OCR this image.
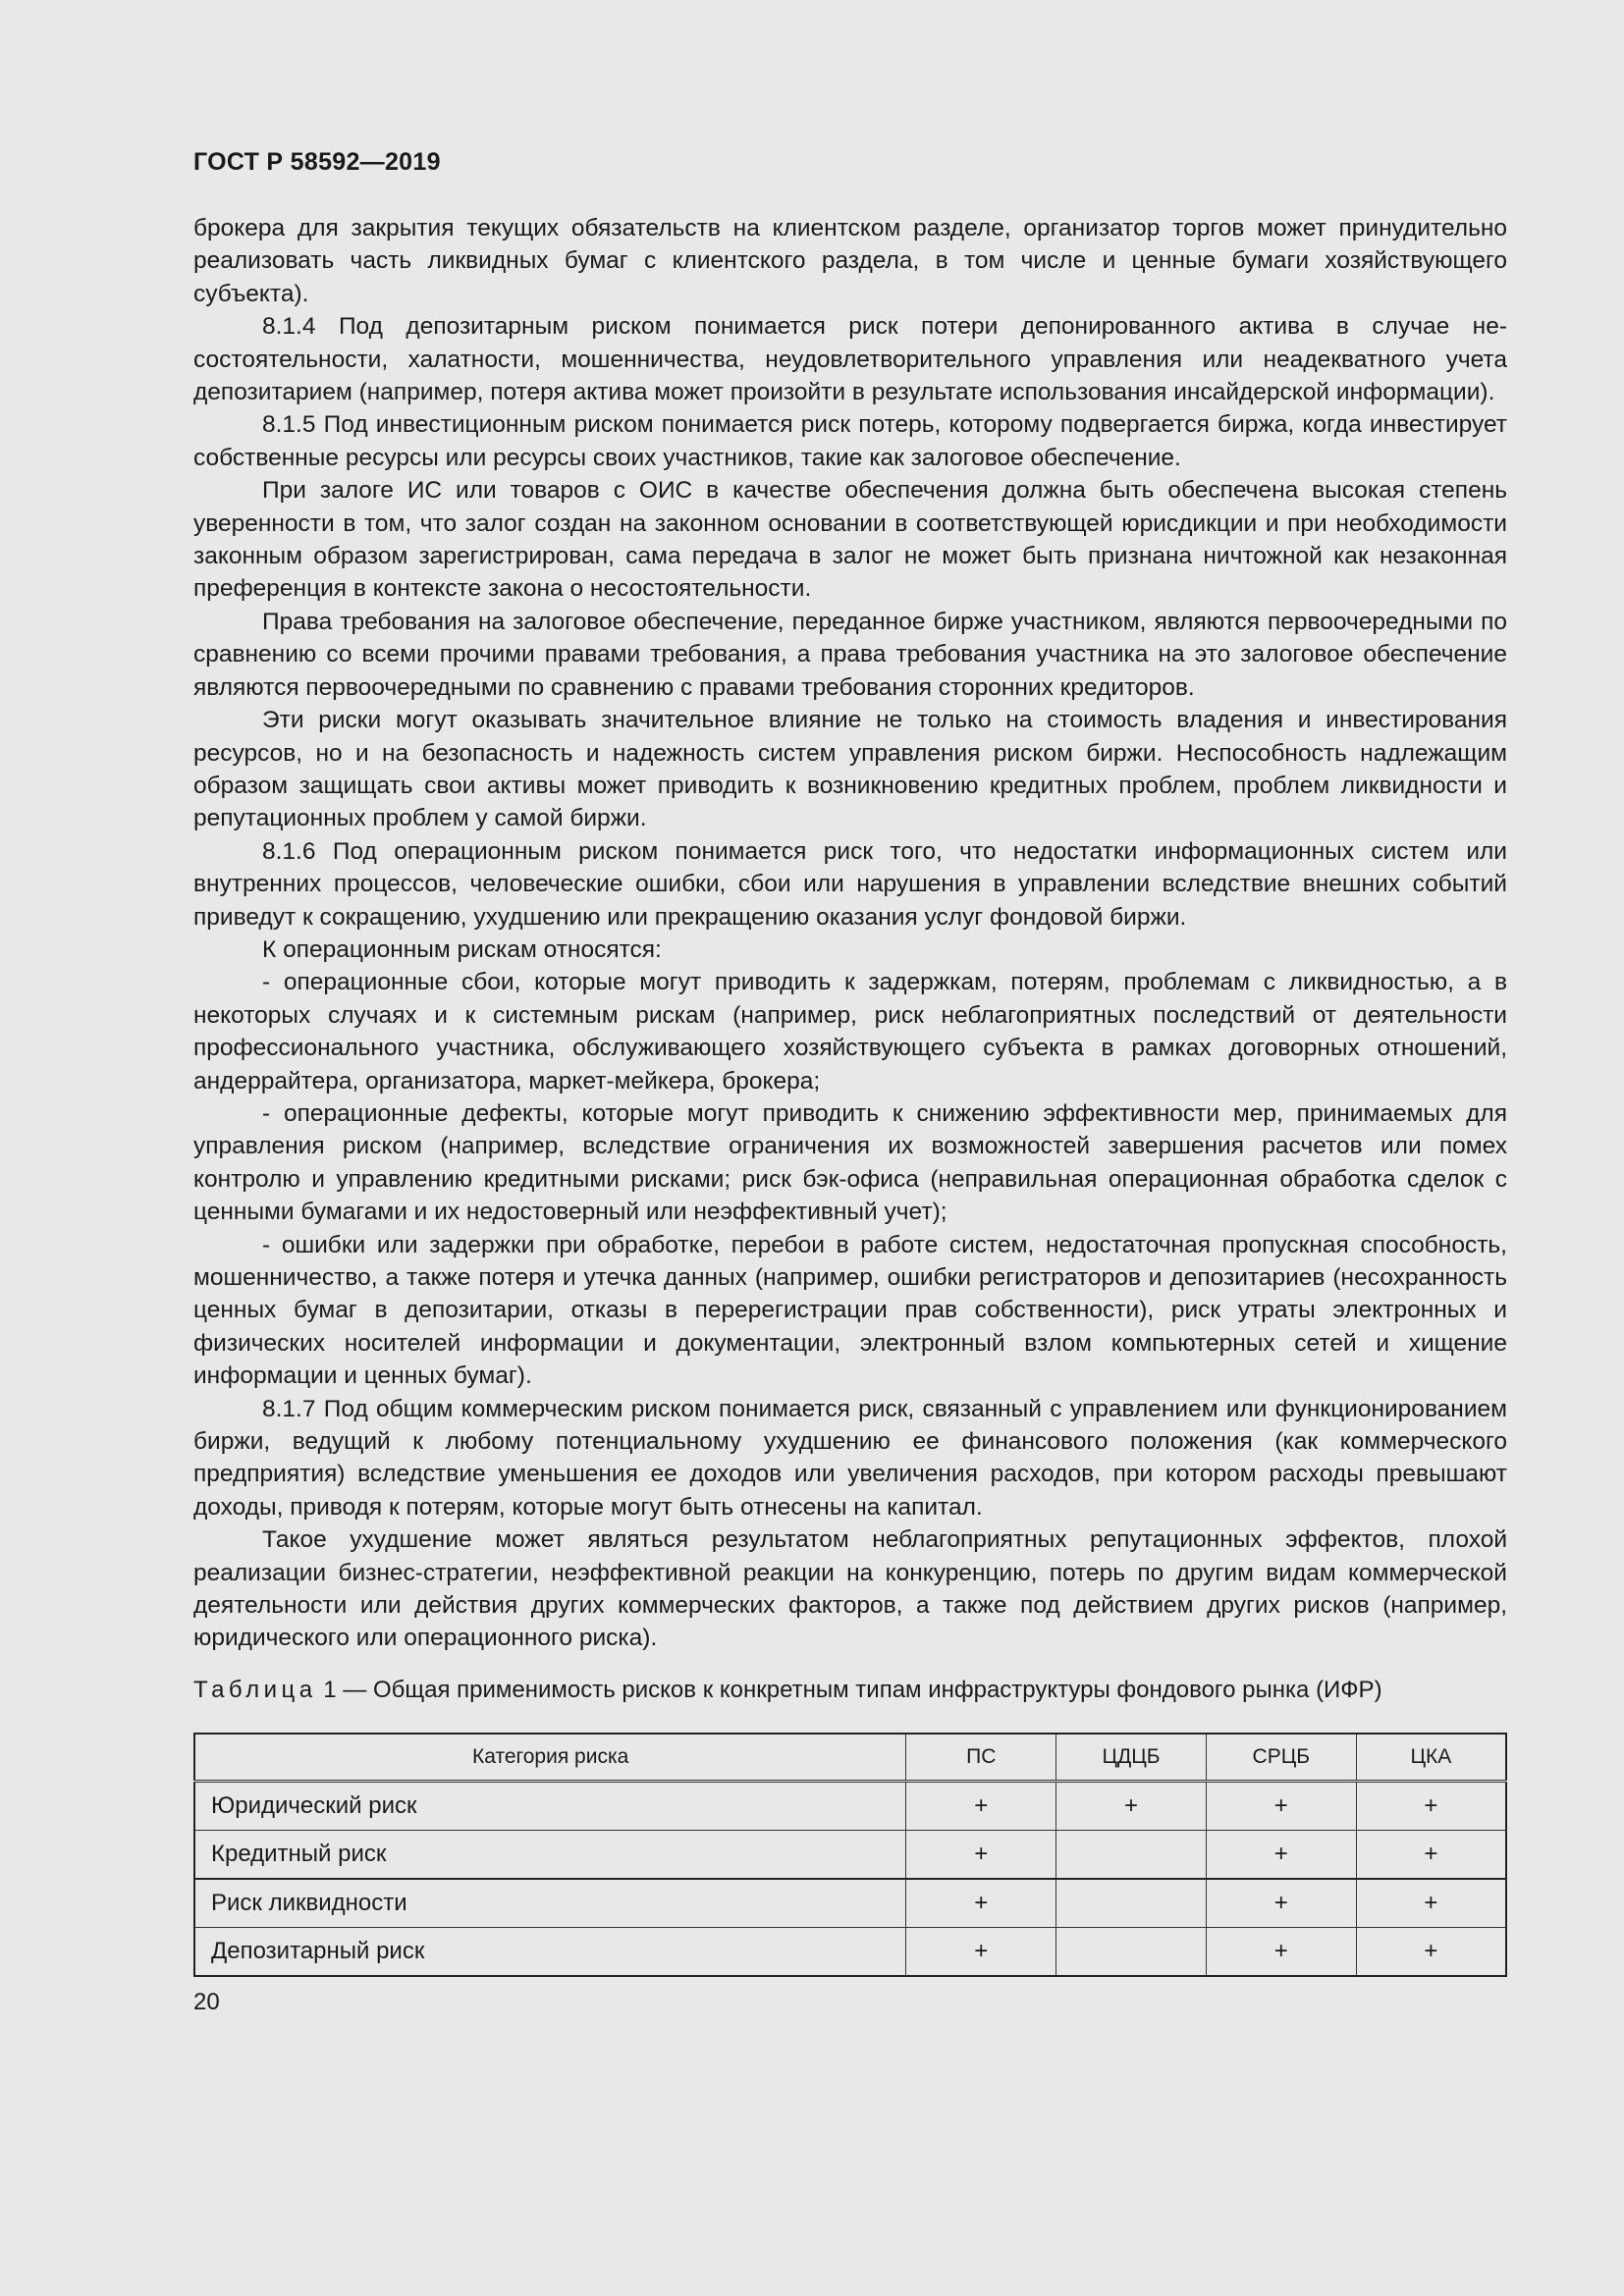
ГОСТ Р 58592—2019

брокера для закрытия текущих обязательств на клиентском разделе, организатор торгов может принудительно реализовать часть ликвидных бумаг с клиентского раздела, в том числе и ценные бумаги хозяйствующего субъекта).

8.1.4 Под депозитарным риском понимается риск потери депонированного актива в случае несостоятельности, халатности, мошенничества, неудовлетворительного управления или неадекватного учета депозитарием (например, потеря актива может произойти в результате использования инсайдерской информации).

8.1.5 Под инвестиционным риском понимается риск потерь, которому подвергается биржа, когда инвестирует собственные ресурсы или ресурсы своих участников, такие как залоговое обеспечение.

При залоге ИС или товаров с ОИС в качестве обеспечения должна быть обеспечена высокая степень уверенности в том, что залог создан на законном основании в соответствующей юрисдикции и при необходимости законным образом зарегистрирован, сама передача в залог не может быть признана ничтожной как незаконная преференция в контексте закона о несостоятельности.

Права требования на залоговое обеспечение, переданное бирже участником, являются первоочередными по сравнению со всеми прочими правами требования, а права требования участника на это залоговое обеспечение являются первоочередными по сравнению с правами требования сторонних кредиторов.

Эти риски могут оказывать значительное влияние не только на стоимость владения и инвестирования ресурсов, но и на безопасность и надежность систем управления риском биржи. Неспособность надлежащим образом защищать свои активы может приводить к возникновению кредитных проблем, проблем ликвидности и репутационных проблем у самой биржи.

8.1.6 Под операционным риском понимается риск того, что недостатки информационных систем или внутренних процессов, человеческие ошибки, сбои или нарушения в управлении вследствие внешних событий приведут к сокращению, ухудшению или прекращению оказания услуг фондовой биржи.

К операционным рискам относятся:

- операционные сбои, которые могут приводить к задержкам, потерям, проблемам с ликвидностью, а в некоторых случаях и к системным рискам (например, риск неблагоприятных последствий от деятельности профессионального участника, обслуживающего хозяйствующего субъекта в рамках договорных отношений, андеррайтера, организатора, маркет-мейкера, брокера;

- операционные дефекты, которые могут приводить к снижению эффективности мер, принимаемых для управления риском (например, вследствие ограничения их возможностей завершения расчетов или помех контролю и управлению кредитными рисками; риск бэк-офиса (неправильная операционная обработка сделок с ценными бумагами и их недостоверный или неэффективный учет);

- ошибки или задержки при обработке, перебои в работе систем, недостаточная пропускная способность, мошенничество, а также потеря и утечка данных (например, ошибки регистраторов и депозитариев (несохранность ценных бумаг в депозитарии, отказы в перерегистрации прав собственности), риск утраты электронных и физических носителей информации и документации, электронный взлом компьютерных сетей и хищение информации и ценных бумаг).

8.1.7 Под общим коммерческим риском понимается риск, связанный с управлением или функционированием биржи, ведущий к любому потенциальному ухудшению ее финансового положения (как коммерческого предприятия) вследствие уменьшения ее доходов или увеличения расходов, при котором расходы превышают доходы, приводя к потерям, которые могут быть отнесены на капитал.

Такое ухудшение может являться результатом неблагоприятных репутационных эффектов, плохой реализации бизнес-стратегии, неэффективной реакции на конкуренцию, потерь по другим видам коммерческой деятельности или действия других коммерческих факторов, а также под действием других рисков (например, юридического или операционного риска).

Таблица 1 — Общая применимость рисков к конкретным типам инфраструктуры фондового рынка (ИФР)
Категория риска	ПС	ЦДЦБ	СРЦБ	ЦКА
Юридический риск	+	+	+	+
Кредитный риск	+		+	+
Риск ликвидности	+		+	+
Депозитарный риск	+		+	+
20
